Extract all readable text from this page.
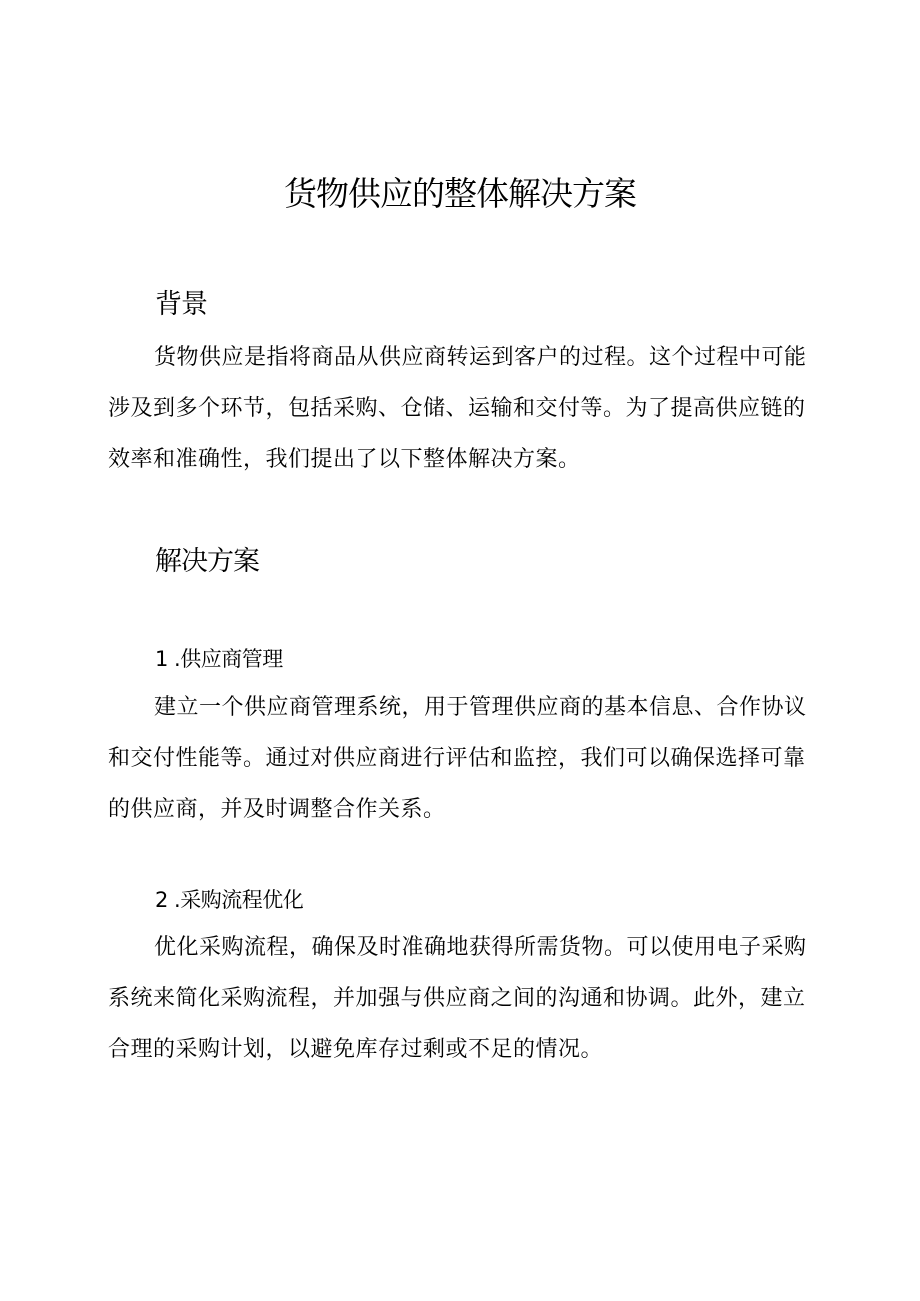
货物供应的整体解决方案
背景

货物供应是指将商品从供应商转运到客户的过程。这个过程中可能涉及到多个环节，包括采购、仓储、运输和交付等。为了提高供应链的效率和准确性，我们提出了以下整体解决方案。

解决方案
1 .供应商管理

建立一个供应商管理系统，用于管理供应商的基本信息、合作协议和交付性能等。通过对供应商进行评估和监控，我们可以确保选择可靠的供应商，并及时调整合作关系。

2 .采购流程优化

优化采购流程，确保及时准确地获得所需货物。可以使用电子采购系统来简化采购流程，并加强与供应商之间的沟通和协调。此外，建立合理的采购计划，以避免库存过剩或不足的情况。
